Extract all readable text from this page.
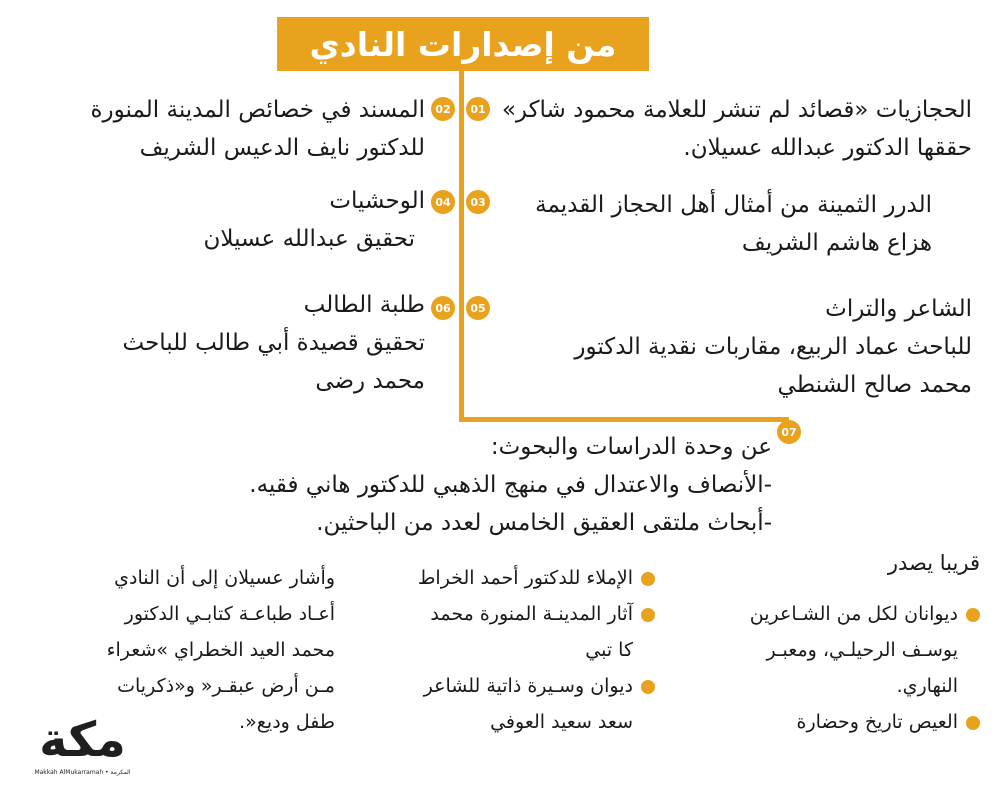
من إصدارات النادي
01
02
03
04
05
06
07
الحجازيات «قصائد لم تنشر للعلامة محمود شاكر»
حققها الدكتور عبدالله عسيلان.
المسند في خصائص المدينة المنورة
للدكتور نايف الدعيس الشريف
الدرر الثمينة من أمثال أهل الحجاز القديمة
هزاع هاشم الشريف
الوحشيات
تحقيق عبدالله عسيلان
الشاعر والتراث
للباحث عماد الربيع، مقاربات نقدية الدكتور
محمد صالح الشنطي
طلبة الطالب
تحقيق قصيدة أبي طالب للباحث
محمد رضى
عن وحدة الدراسات والبحوث:
-الأنصاف والاعتدال في منهج الذهبي للدكتور هاني فقيه.
-أبحاث ملتقى العقيق الخامس لعدد من الباحثين.
قريبا يصدر
ديوانان لكل من الشـاعرين
يوسـف الرحيلـي، ومعبـر
النهاري.
العيص تاريخ وحضارة
الإملاء للدكتور أحمد الخراط
آثار المدينـة المنورة محمد
كا تبي
ديوان وسـيرة ذاتية للشاعر
سعد سعيد العوفي
وأشار عسيلان إلى أن النادي
أعـاد طباعـة كتابـي الدكتور
محمد العيد الخطراي »شعراء
مـن أرض عبقـر« و«ذكريات
طفل وديع«.
مكة
Makkah AlMukarramah • المكرمة
